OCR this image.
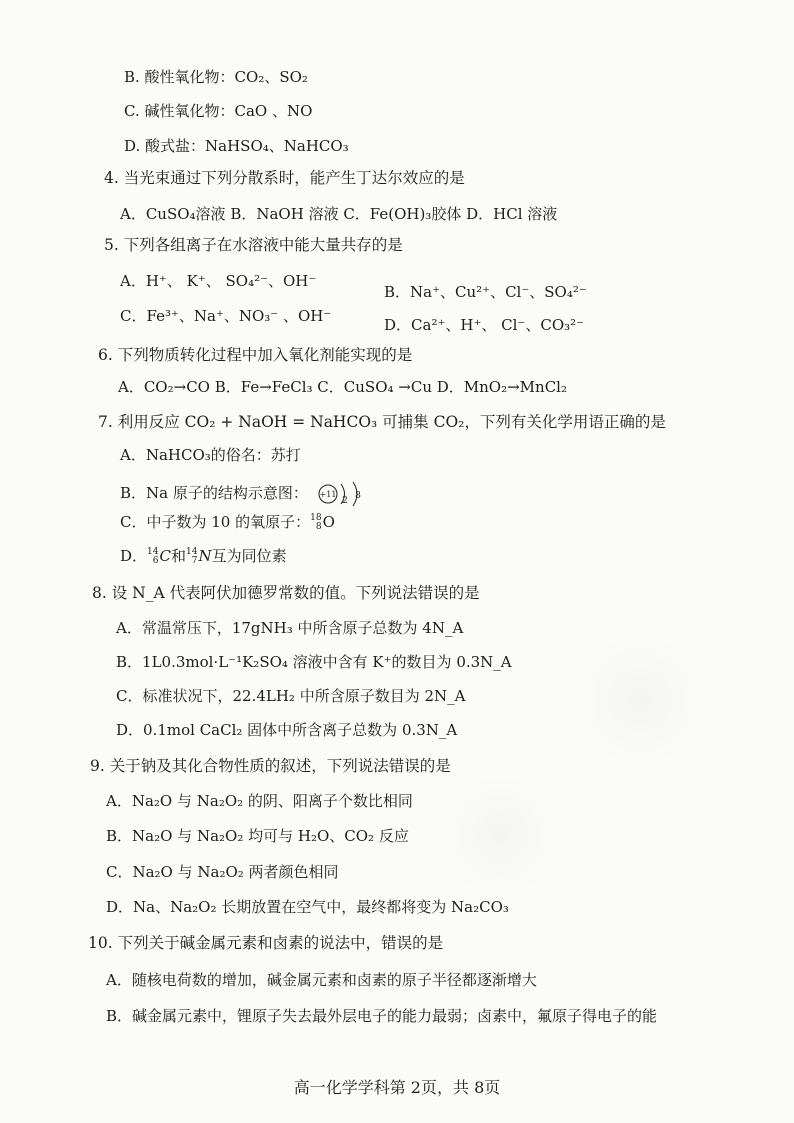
B. 酸性氧化物：CO₂、SO₂
C. 碱性氧化物：CaO 、NO
D. 酸式盐：NaHSO₄、NaHCO₃
4. 当光束通过下列分散系时，能产生丁达尔效应的是
A．CuSO₄溶液 B．NaOH 溶液 C．Fe(OH)₃胶体 D．HCl 溶液
5. 下列各组离子在水溶液中能大量共存的是
A．H⁺、 K⁺、 SO₄²⁻、OH⁻
B．Na⁺、Cu²⁺、Cl⁻、SO₄²⁻
C．Fe³⁺、Na⁺、NO₃⁻ 、OH⁻	D．Ca²⁺、H⁺、 Cl⁻、CO₃²⁻
6. 下列物质转化过程中加入氧化剂能实现的是
A．CO₂→CO B．Fe→FeCl₃ C．CuSO₄ →Cu D．MnO₂→MnCl₂
7. 利用反应 CO₂ + NaOH = NaHCO₃ 可捕集 CO₂，下列有关化学用语正确的是
A．NaHCO₃的俗名：苏打
B．Na 原子的结构示意图： +11
2 8
C．中子数为 10 的氧原子：18
8O
D．14
6C和14
7N互为同位素
8. 设 N_A 代表阿伏加德罗常数的值。下列说法错误的是
A．常温常压下，17gNH₃ 中所含原子总数为 4N_A
B．1L0.3mol·L⁻¹K₂SO₄ 溶液中含有 K⁺的数目为 0.3N_A
C．标准状况下，22.4LH₂ 中所含原子数目为 2N_A
D．0.1mol CaCl₂ 固体中所含离子总数为 0.3N_A
9. 关于钠及其化合物性质的叙述，下列说法错误的是
A．Na₂O 与 Na₂O₂ 的阴、阳离子个数比相同
B．Na₂O 与 Na₂O₂ 均可与 H₂O、CO₂ 反应
C．Na₂O 与 Na₂O₂ 两者颜色相同
D．Na、Na₂O₂ 长期放置在空气中，最终都将变为 Na₂CO₃
10. 下列关于碱金属元素和卤素的说法中，错误的是
A．随核电荷数的增加，碱金属元素和卤素的原子半径都逐渐增大
B．碱金属元素中，锂原子失去最外层电子的能力最弱；卤素中，氟原子得电子的能
高一化学学科第 2页，共 8页
